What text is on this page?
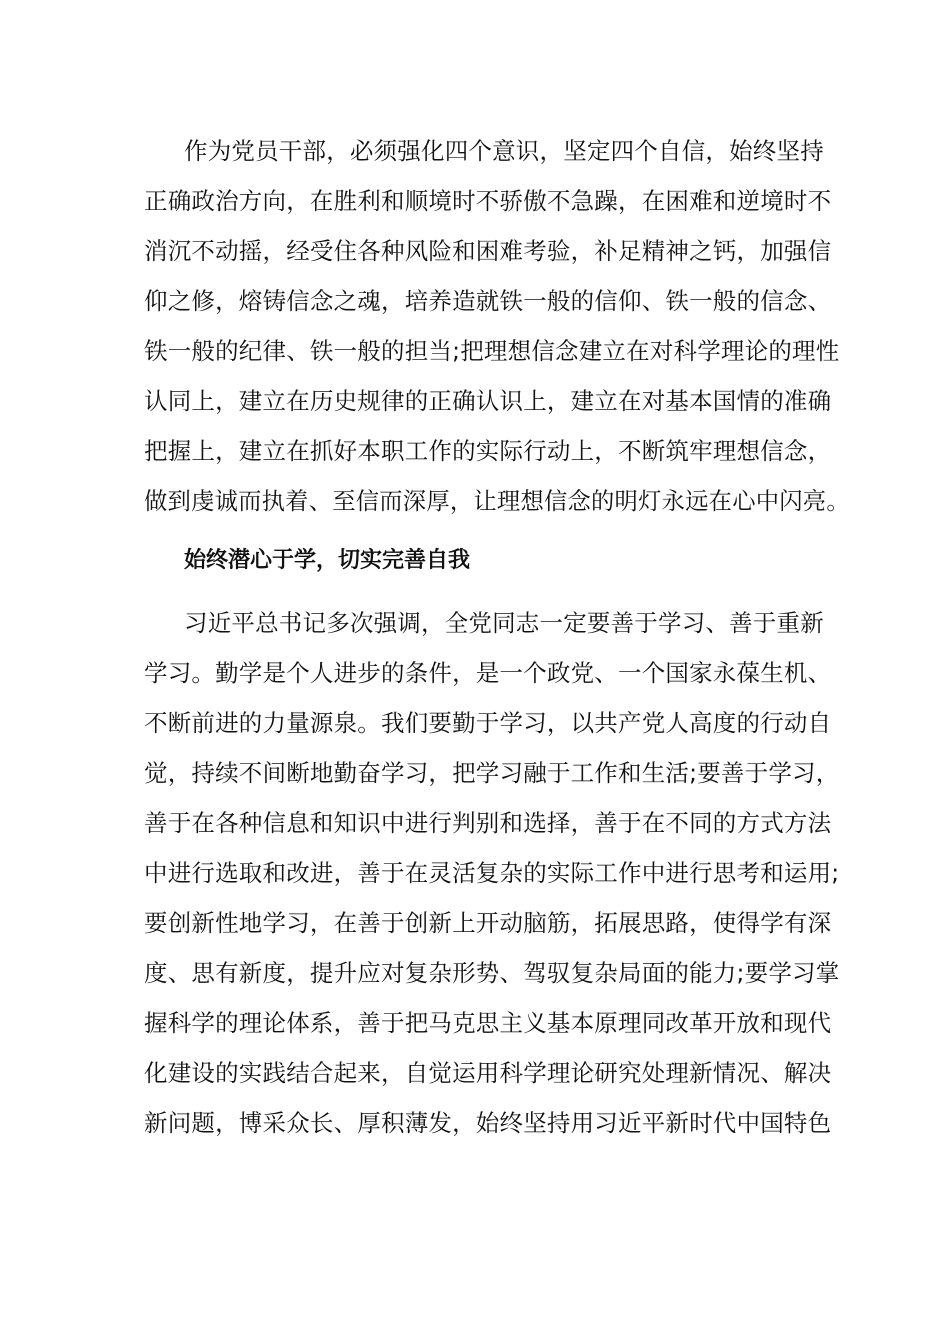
作为党员干部，必须强化四个意识，坚定四个自信，始终坚持
正确政治方向，在胜利和顺境时不骄傲不急躁，在困难和逆境时不
消沉不动摇，经受住各种风险和困难考验，补足精神之钙，加强信
仰之修，熔铸信念之魂，培养造就铁一般的信仰、铁一般的信念、
铁一般的纪律、铁一般的担当;把理想信念建立在对科学理论的理性
认同上，建立在历史规律的正确认识上，建立在对基本国情的准确
把握上，建立在抓好本职工作的实际行动上，不断筑牢理想信念，
做到虔诚而执着、至信而深厚，让理想信念的明灯永远在心中闪亮。
始终潜心于学，切实完善自我
习近平总书记多次强调，全党同志一定要善于学习、善于重新
学习。勤学是个人进步的条件，是一个政党、一个国家永葆生机、
不断前进的力量源泉。我们要勤于学习，以共产党人高度的行动自
觉，持续不间断地勤奋学习，把学习融于工作和生活;要善于学习，
善于在各种信息和知识中进行判别和选择，善于在不同的方式方法
中进行选取和改进，善于在灵活复杂的实际工作中进行思考和运用;
要创新性地学习，在善于创新上开动脑筋，拓展思路，使得学有深
度、思有新度，提升应对复杂形势、驾驭复杂局面的能力;要学习掌
握科学的理论体系，善于把马克思主义基本原理同改革开放和现代
化建设的实践结合起来，自觉运用科学理论研究处理新情况、解决
新问题，博采众长、厚积薄发，始终坚持用习近平新时代中国特色
